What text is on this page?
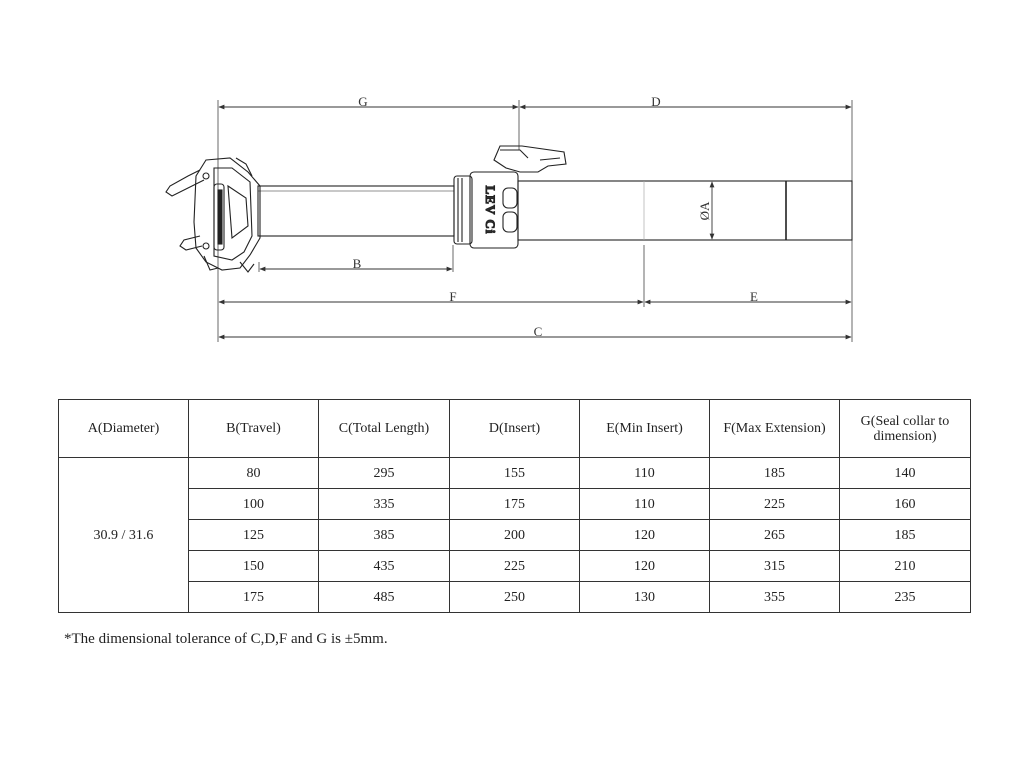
G	D
B
F	E
C
ØA
LEV Ci
A(Diameter)	B(Travel)	C(Total Length)	D(Insert)	E(Min Insert)	F(Max Extension)	G(Seal collar to dimension)
30.9 / 31.6	80	295	155	110	185	140
	100	335	175	110	225	160
	125	385	200	120	265	185
	150	435	225	120	315	210
	175	485	250	130	355	235
*The dimensional tolerance of C,D,F and G is ±5mm.
